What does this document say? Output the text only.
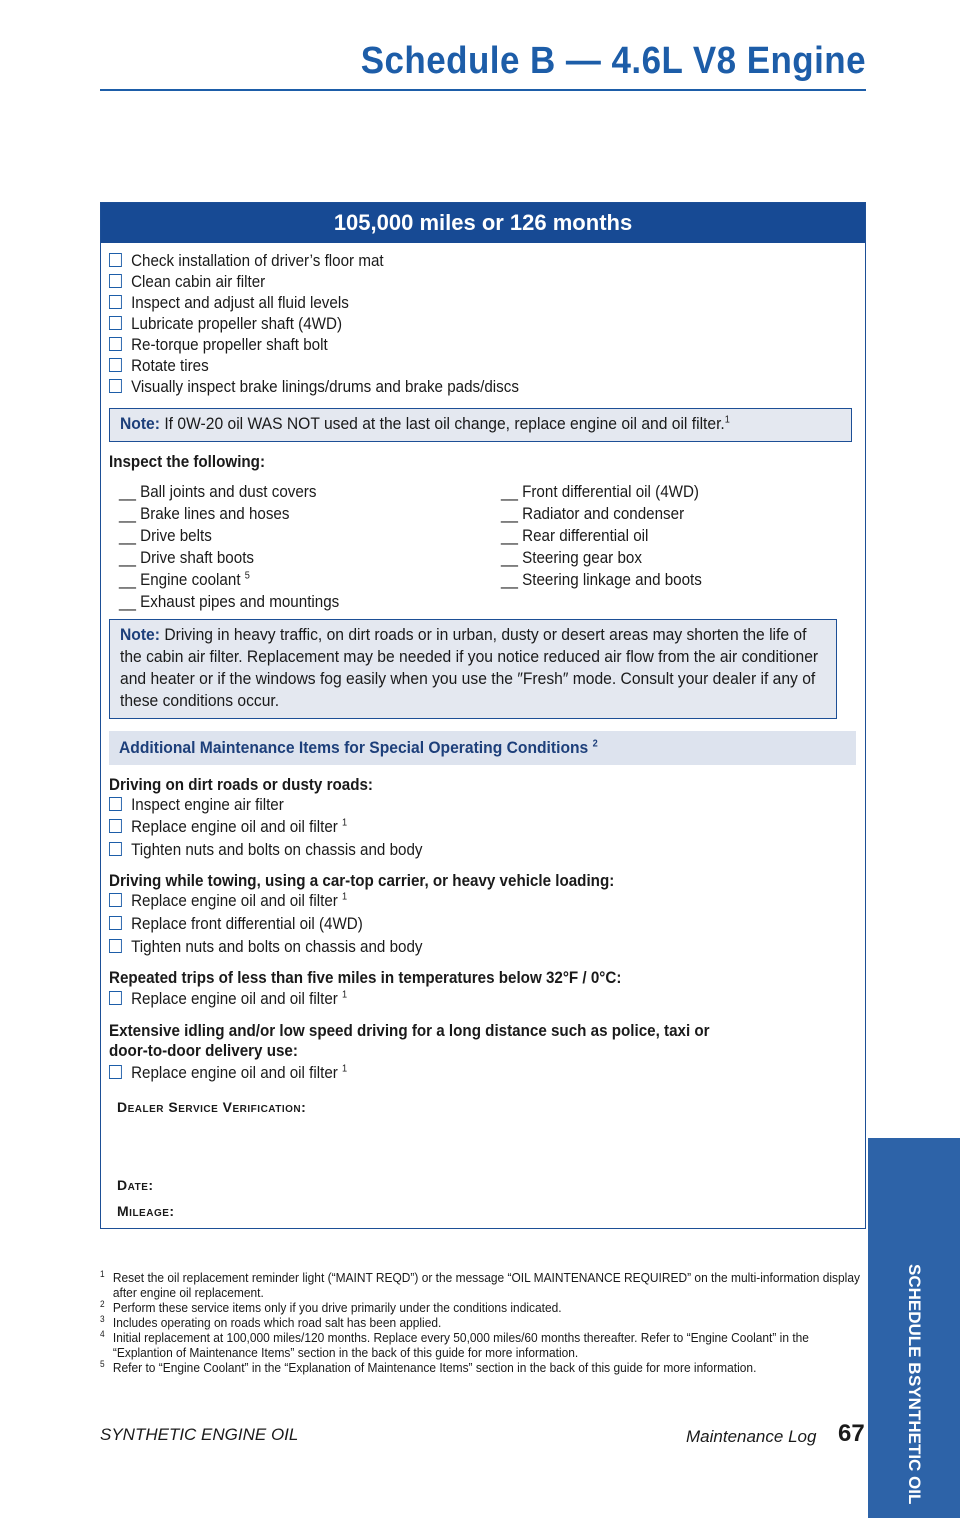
Schedule B — 4.6L V8 Engine
105,000 miles or 126 months
Check installation of driver’s floor mat
Clean cabin air filter
Inspect and adjust all fluid levels
Lubricate propeller shaft (4WD)
Re-torque propeller shaft bolt
Rotate tires
Visually inspect brake linings/drums and brake pads/discs
Note: If 0W-20 oil WAS NOT used at the last oil change, replace engine oil and oil filter.$^1$
Inspect the following:
__ Ball joints and dust covers
__ Brake lines and hoses
__ Drive belts
__ Drive shaft boots
__ Engine coolant $^5$
__ Exhaust pipes and mountings
__ Front differential oil (4WD)
__ Radiator and condenser
__ Rear differential oil
__ Steering gear box
__ Steering linkage and boots
Note: Driving in heavy traffic, on dirt roads or in urban, dusty or desert areas may shorten the life of the cabin air filter. Replacement may be needed if you notice reduced air flow from the air conditioner and heater or if the windows fog easily when you use the ″Fresh″ mode. Consult your dealer if any of these conditions occur.
Additional Maintenance Items for Special Operating Conditions $^2$
Driving on dirt roads or dusty roads:
Inspect engine air filter
Replace engine oil and oil filter $^1$
Tighten nuts and bolts on chassis and body
Driving while towing, using a car-top carrier, or heavy vehicle loading:
Replace engine oil and oil filter $^1$
Replace front differential oil (4WD)
Tighten nuts and bolts on chassis and body
Repeated trips of less than five miles in temperatures below 32°F / 0°C:
Replace engine oil and oil filter $^1$
Extensive idling and/or low speed driving for a long distance such as police, taxi or
door-to-door delivery use:
Replace engine oil and oil filter $^1$
Dealer Service Verification:
Date:
Mileage:
1 Reset the oil replacement reminder light (“MAINT REQD”) or the message “OIL MAINTENANCE REQUIRED” on the multi-information display after engine oil replacement.
2 Perform these service items only if you drive primarily under the conditions indicated.
3 Includes operating on roads which road salt has been applied.
4 Initial replacement at 100,000 miles/120 months. Replace every 50,000 miles/60 months thereafter. Refer to “Engine Coolant” in the “Explantion of Maintenance Items” section in the back of this guide for more information.
5 Refer to “Engine Coolant” in the “Explanation of Maintenance Items” section in the back of this guide for more information.
SYNTHETIC ENGINE OIL	Maintenance Log 67
SCHEDULE B
SYNTHETIC OIL
